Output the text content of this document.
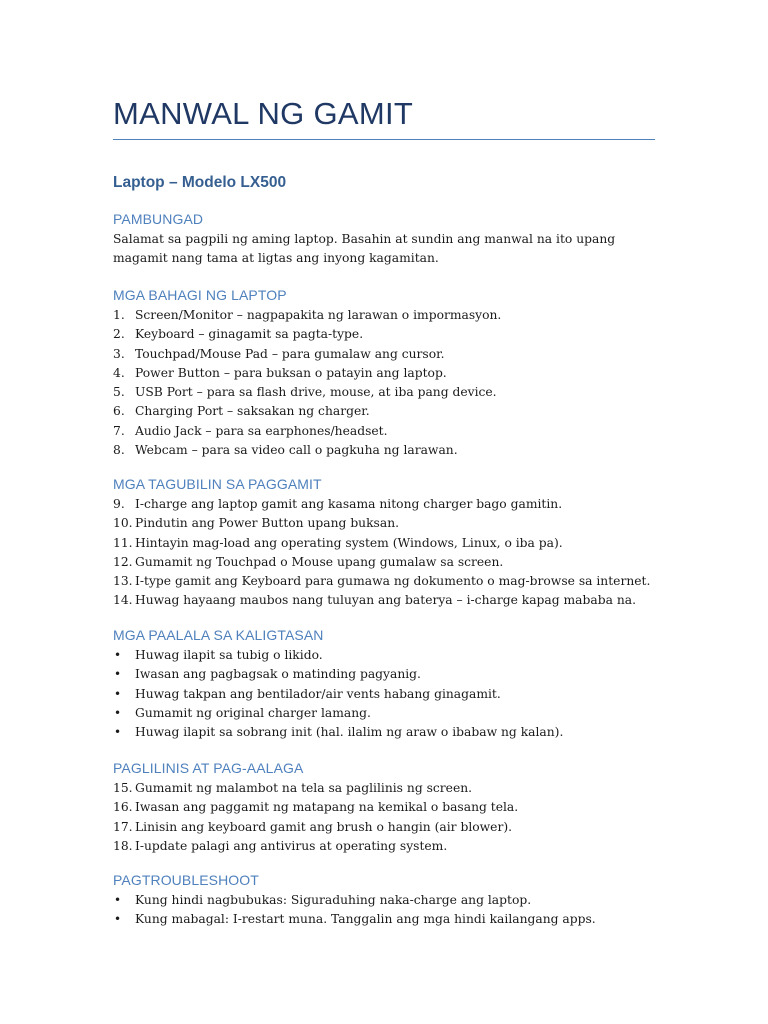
MANWAL NG GAMIT
Laptop – Modelo LX500
PAMBUNGAD

Salamat sa pagpili ng aming laptop. Basahin at sundin ang manwal na ito upang magamit nang tama at ligtas ang inyong kagamitan.

MGA BAHAGI NG LAPTOP
1. Screen/Monitor – nagpapakita ng larawan o impormasyon.
2. Keyboard – ginagamit sa pagta-type.
3. Touchpad/Mouse Pad – para gumalaw ang cursor.
4. Power Button – para buksan o patayin ang laptop.
5. USB Port – para sa flash drive, mouse, at iba pang device.
6. Charging Port – saksakan ng charger.
7. Audio Jack – para sa earphones/headset.
8. Webcam – para sa video call o pagkuha ng larawan.
MGA TAGUBILIN SA PAGGAMIT
9. I-charge ang laptop gamit ang kasama nitong charger bago gamitin.
10. Pindutin ang Power Button upang buksan.
11. Hintayin mag-load ang operating system (Windows, Linux, o iba pa).
12. Gumamit ng Touchpad o Mouse upang gumalaw sa screen.
13. I-type gamit ang Keyboard para gumawa ng dokumento o mag-browse sa internet.
14. Huwag hayaang maubos nang tuluyan ang baterya – i-charge kapag mababa na.
MGA PAALALA SA KALIGTASAN
• Huwag ilapit sa tubig o likido.
• Iwasan ang pagbagsak o matinding pagyanig.
• Huwag takpan ang bentilador/air vents habang ginagamit.
• Gumamit ng original charger lamang.
• Huwag ilapit sa sobrang init (hal. ilalim ng araw o ibabaw ng kalan).
PAGLILINIS AT PAG-AALAGA
15. Gumamit ng malambot na tela sa paglilinis ng screen.
16. Iwasan ang paggamit ng matapang na kemikal o basang tela.
17. Linisin ang keyboard gamit ang brush o hangin (air blower).
18. I-update palagi ang antivirus at operating system.
PAGTROUBLESHOOT
• Kung hindi nagbubukas: Siguraduhing naka-charge ang laptop.
• Kung mabagal: I-restart muna. Tanggalin ang mga hindi kailangang apps.
